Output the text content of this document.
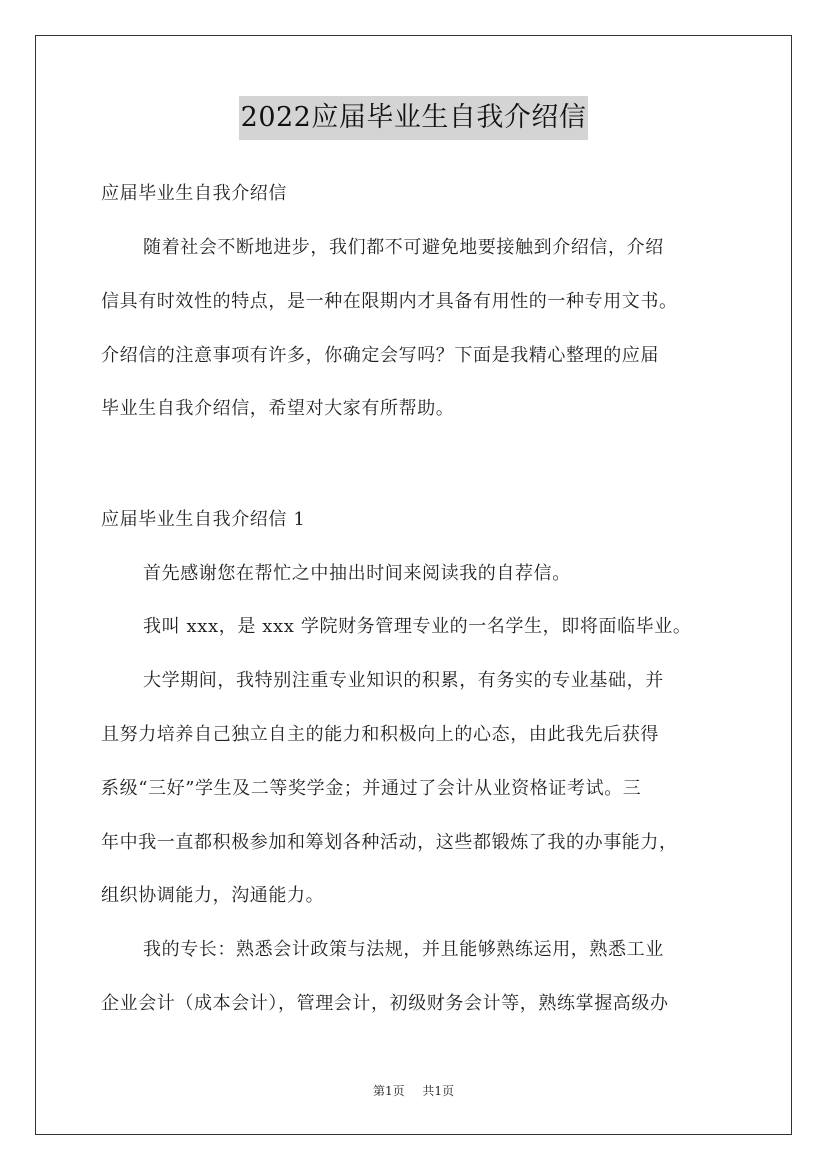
2022应届毕业生自我介绍信
应届毕业生自我介绍信
随着社会不断地进步，我们都不可避免地要接触到介绍信，介绍
信具有时效性的特点，是一种在限期内才具备有用性的一种专用文书。
介绍信的注意事项有许多，你确定会写吗？下面是我精心整理的应届
毕业生自我介绍信，希望对大家有所帮助。
应届毕业生自我介绍信 1
首先感谢您在帮忙之中抽出时间来阅读我的自荐信。
我叫 xxx，是 xxx 学院财务管理专业的一名学生，即将面临毕业。
大学期间，我特别注重专业知识的积累，有务实的专业基础，并
且努力培养自己独立自主的能力和积极向上的心态，由此我先后获得
系级“三好”学生及二等奖学金；并通过了会计从业资格证考试。三
年中我一直都积极参加和筹划各种活动，这些都锻炼了我的办事能力，
组织协调能力，沟通能力。
我的专长：熟悉会计政策与法规，并且能够熟练运用，熟悉工业
企业会计（成本会计），管理会计，初级财务会计等，熟练掌握高级办
第1页 共1页
